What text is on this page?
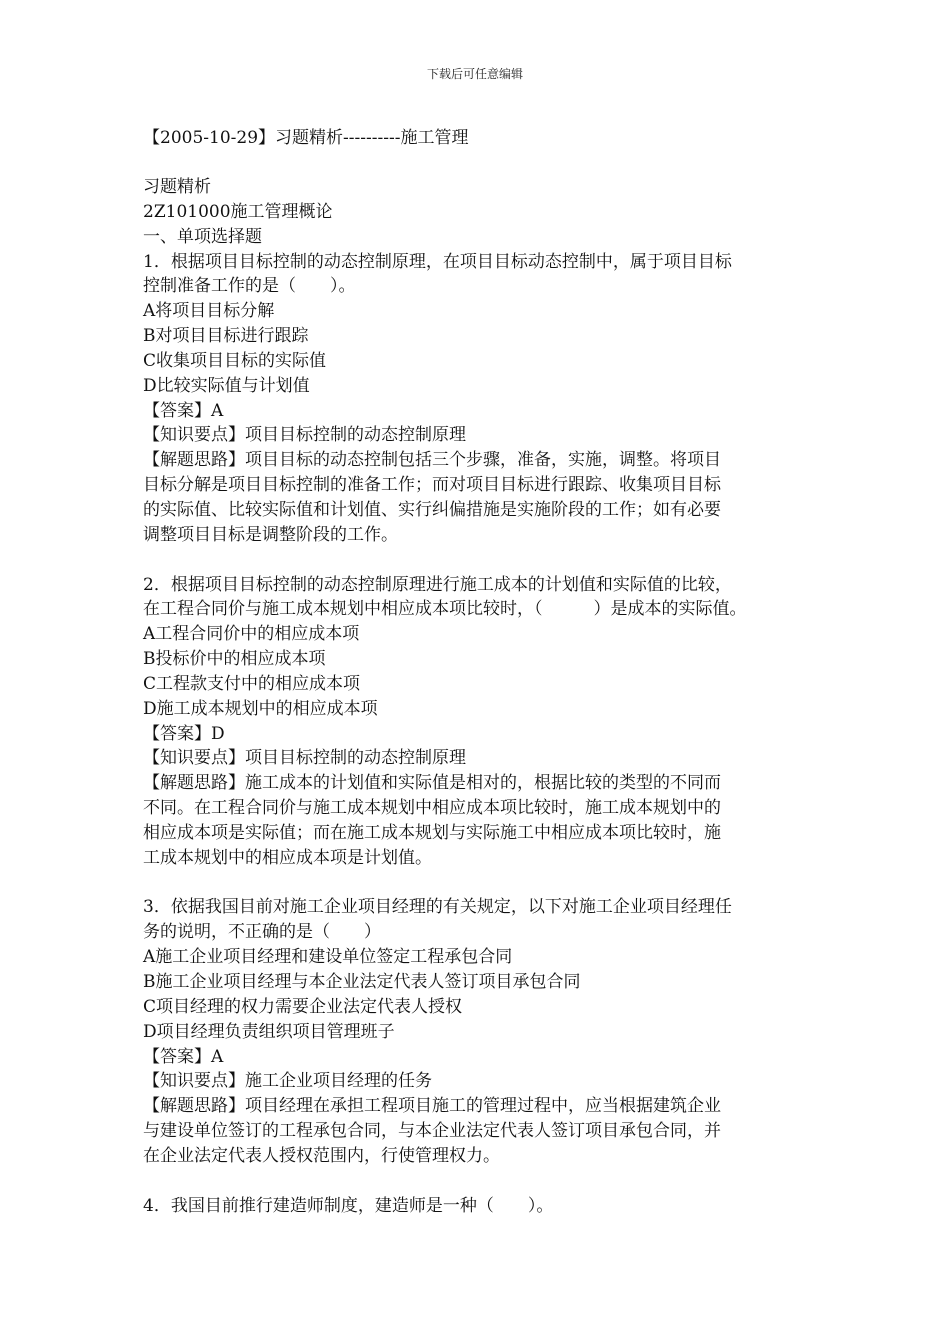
下载后可任意编辑
【2005-10-29】习题精析----------施工管理
习题精析
2Z101000施工管理概论
一、单项选择题
1．根据项目目标控制的动态控制原理，在项目目标动态控制中，属于项目目标
控制准备工作的是（　　）。
A将项目目标分解
B对项目目标进行跟踪
C收集项目目标的实际值
D比较实际值与计划值
【答案】A
【知识要点】项目目标控制的动态控制原理
【解题思路】项目目标的动态控制包括三个步骤，准备，实施，调整。将项目
目标分解是项目目标控制的准备工作；而对项目目标进行跟踪、收集项目目标
的实际值、比较实际值和计划值、实行纠偏措施是实施阶段的工作；如有必要
调整项目目标是调整阶段的工作。
2．根据项目目标控制的动态控制原理进行施工成本的计划值和实际值的比较，
在工程合同价与施工成本规划中相应成本项比较时，（　　　）是成本的实际值。
A工程合同价中的相应成本项
B投标价中的相应成本项
C工程款支付中的相应成本项
D施工成本规划中的相应成本项
【答案】D
【知识要点】项目目标控制的动态控制原理
【解题思路】施工成本的计划值和实际值是相对的，根据比较的类型的不同而
不同。在工程合同价与施工成本规划中相应成本项比较时，施工成本规划中的
相应成本项是实际值；而在施工成本规划与实际施工中相应成本项比较时，施
工成本规划中的相应成本项是计划值。
3．依据我国目前对施工企业项目经理的有关规定，以下对施工企业项目经理任
务的说明，不正确的是（　　）
A施工企业项目经理和建设单位签定工程承包合同
B施工企业项目经理与本企业法定代表人签订项目承包合同
C项目经理的权力需要企业法定代表人授权
D项目经理负责组织项目管理班子
【答案】A
【知识要点】施工企业项目经理的任务
【解题思路】项目经理在承担工程项目施工的管理过程中，应当根据建筑企业
与建设单位签订的工程承包合同，与本企业法定代表人签订项目承包合同，并
在企业法定代表人授权范围内，行使管理权力。
4．我国目前推行建造师制度，建造师是一种（　　）。
